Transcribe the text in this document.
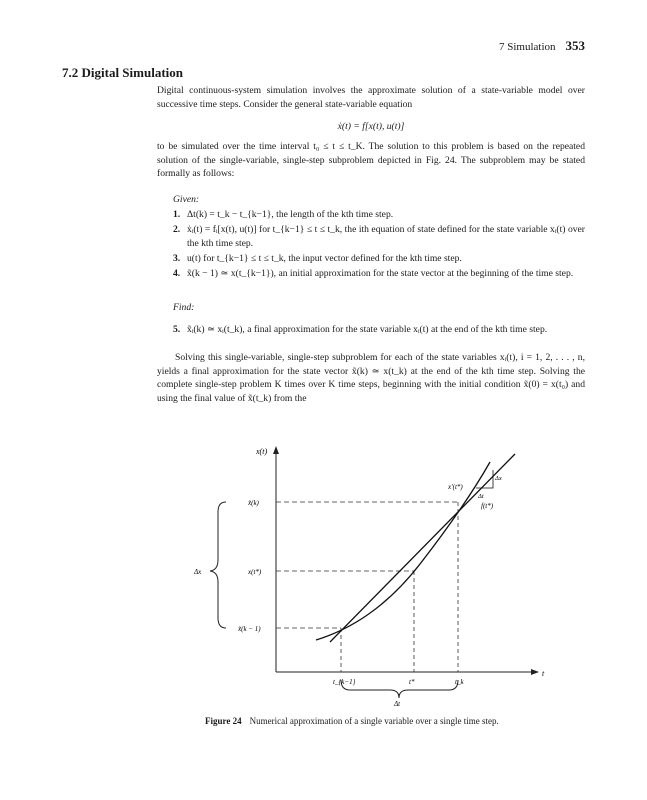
7 Simulation 353
7.2 Digital Simulation
Digital continuous-system simulation involves the approximate solution of a state-variable model over successive time steps. Consider the general state-variable equation
ẋ(t) = f[x(t), u(t)]
to be simulated over the time interval t₀ ≤ t ≤ t_K. The solution to this problem is based on the repeated solution of the single-variable, single-step subproblem depicted in Fig. 24. The subproblem may be stated formally as follows:
Given:
1. Δt(k) = t_k − t_{k−1}, the length of the kth time step.
2. ẋᵢ(t) = fᵢ[x(t), u(t)] for t_{k−1} ≤ t ≤ t_k, the ith equation of state defined for the state variable xᵢ(t) over the kth time step.
3. u(t) for t_{k−1} ≤ t ≤ t_k, the input vector defined for the kth time step.
4. x̃(k − 1) ≃ x(t_{k−1}), an initial approximation for the state vector at the beginning of the time step.
Find:
5. x̃ᵢ(k) ≃ xᵢ(t_k), a final approximation for the state variable xᵢ(t) at the end of the kth time step.
Solving this single-variable, single-step subproblem for each of the state variables xᵢ(t), i = 1, 2, . . . , n, yields a final approximation for the state vector x̃(k) ≃ x(t_k) at the end of the kth time step. Solving the complete single-step problem K times over K time steps, beginning with the initial condition x̃(0) = x(t₀) and using the final value of x̃(t_k) from the
x(t)
t
x̃(k)
x(t*)
x̃(k − 1)
Δx
t_{k−1}	t*	t_k
Δt
x′(t*)
Δx
Δt
f(t*)
Figure 24 Numerical approximation of a single variable over a single time step.
